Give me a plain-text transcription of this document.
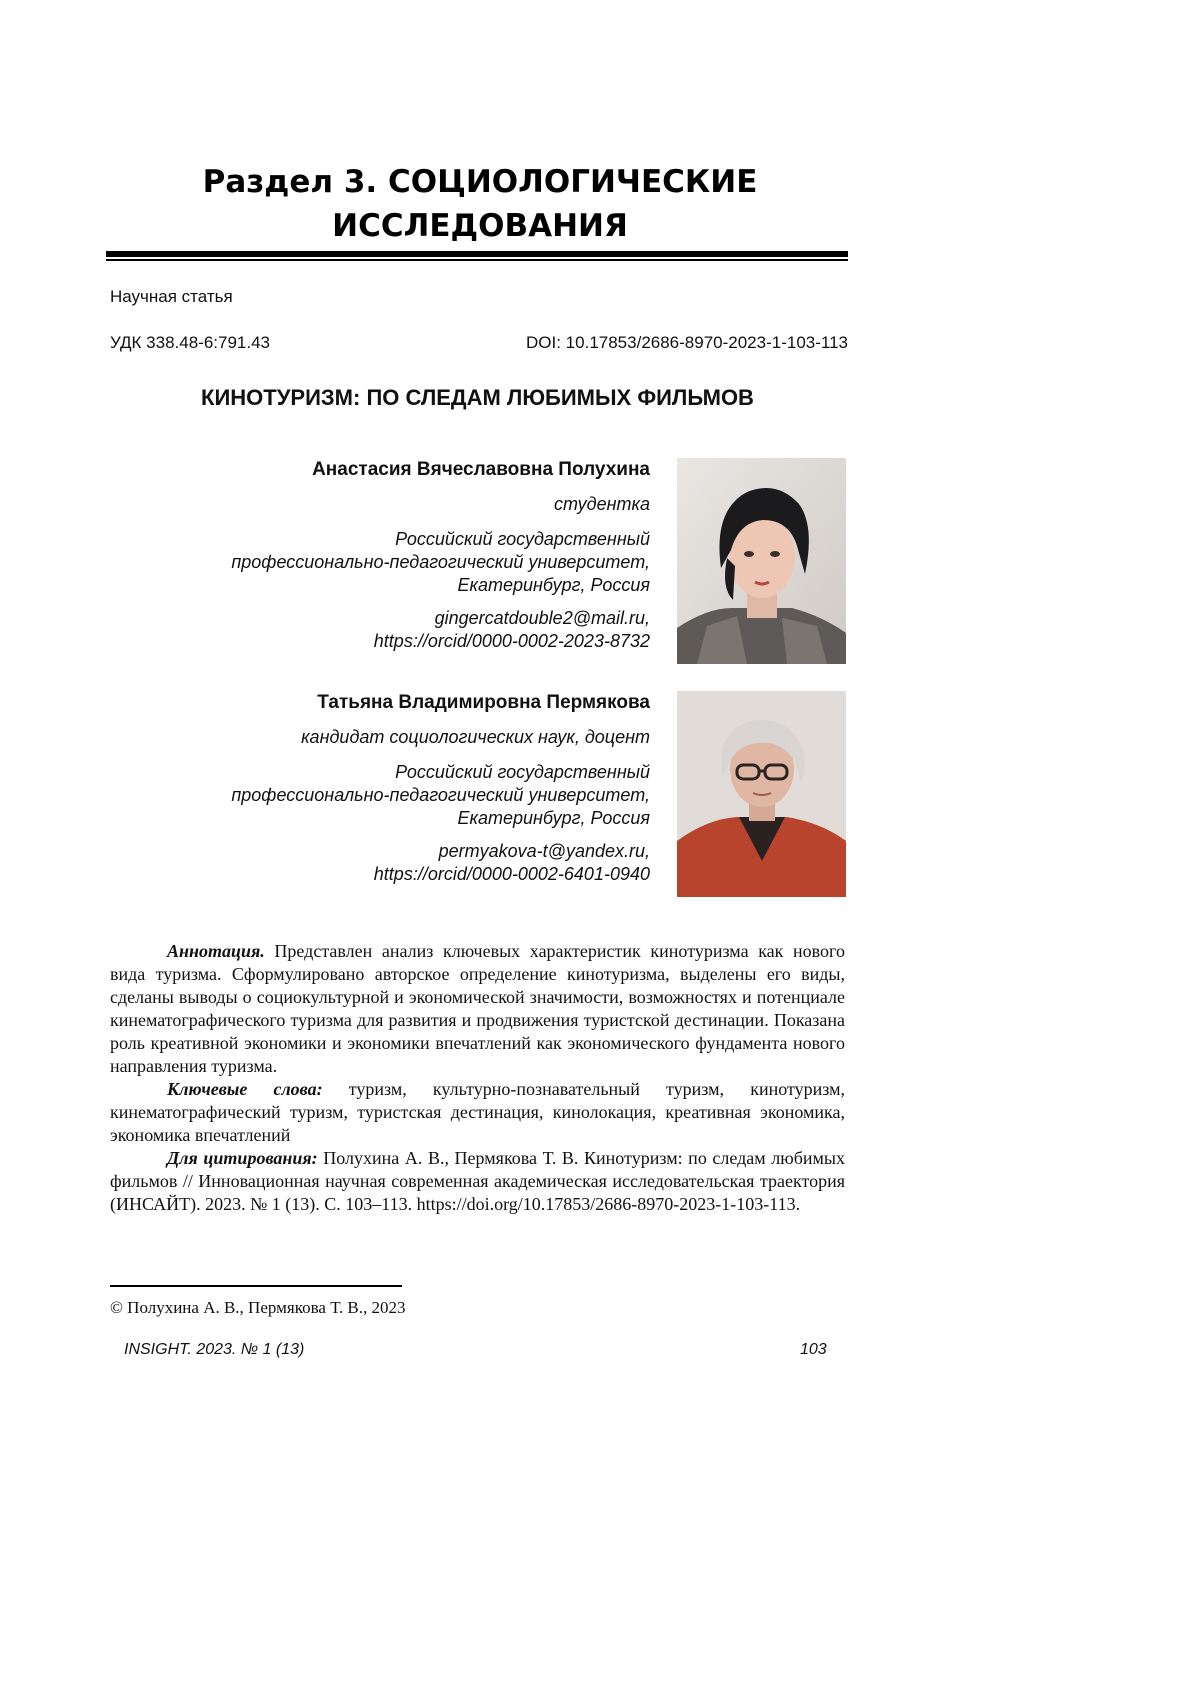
Раздел 3. СОЦИОЛОГИЧЕСКИЕ
ИССЛЕДОВАНИЯ
Научная статья
УДК 338.48-6:791.43	DOI: 10.17853/2686-8970-2023-1-103-113
КИНОТУРИЗМ: ПО СЛЕДАМ ЛЮБИМЫХ ФИЛЬМОВ
Анастасия Вячеславовна Полухина
студентка
Российский государственный
профессионально-педагогический университет,
Екатеринбург, Россия
gingercatdouble2@mail.ru,
https://orcid/0000-0002-2023-8732
Татьяна Владимировна Пермякова
кандидат социологических наук, доцент
Российский государственный
профессионально-педагогический университет,
Екатеринбург, Россия
permyakova-t@yandex.ru,
https://orcid/0000-0002-6401-0940

Аннотация. Представлен анализ ключевых характеристик кинотуризма как нового вида туризма. Сформулировано авторское определение кинотуризма, выделены его виды, сделаны выводы о социокультурной и экономической значимости, возможностях и потенциале кинематографического туризма для развития и продвижения туристской дестинации. Показана роль креативной экономики и экономики впечатлений как экономического фундамента нового направления туризма.

Ключевые слова: туризм, культурно-познавательный туризм, кинотуризм, кинематографический туризм, туристская дестинация, кинолокация, креативная экономика, экономика впечатлений

Для цитирования: Полухина А. В., Пермякова Т. В. Кинотуризм: по следам любимых фильмов // Инновационная научная современная академическая исследовательская траектория (ИНСАЙТ). 2023. № 1 (13). С. 103–113. https://doi.org/10.17853/2686-8970-2023-1-103-113.

© Полухина А. В., Пермякова Т. В., 2023
INSIGHT. 2023. № 1 (13)	103
